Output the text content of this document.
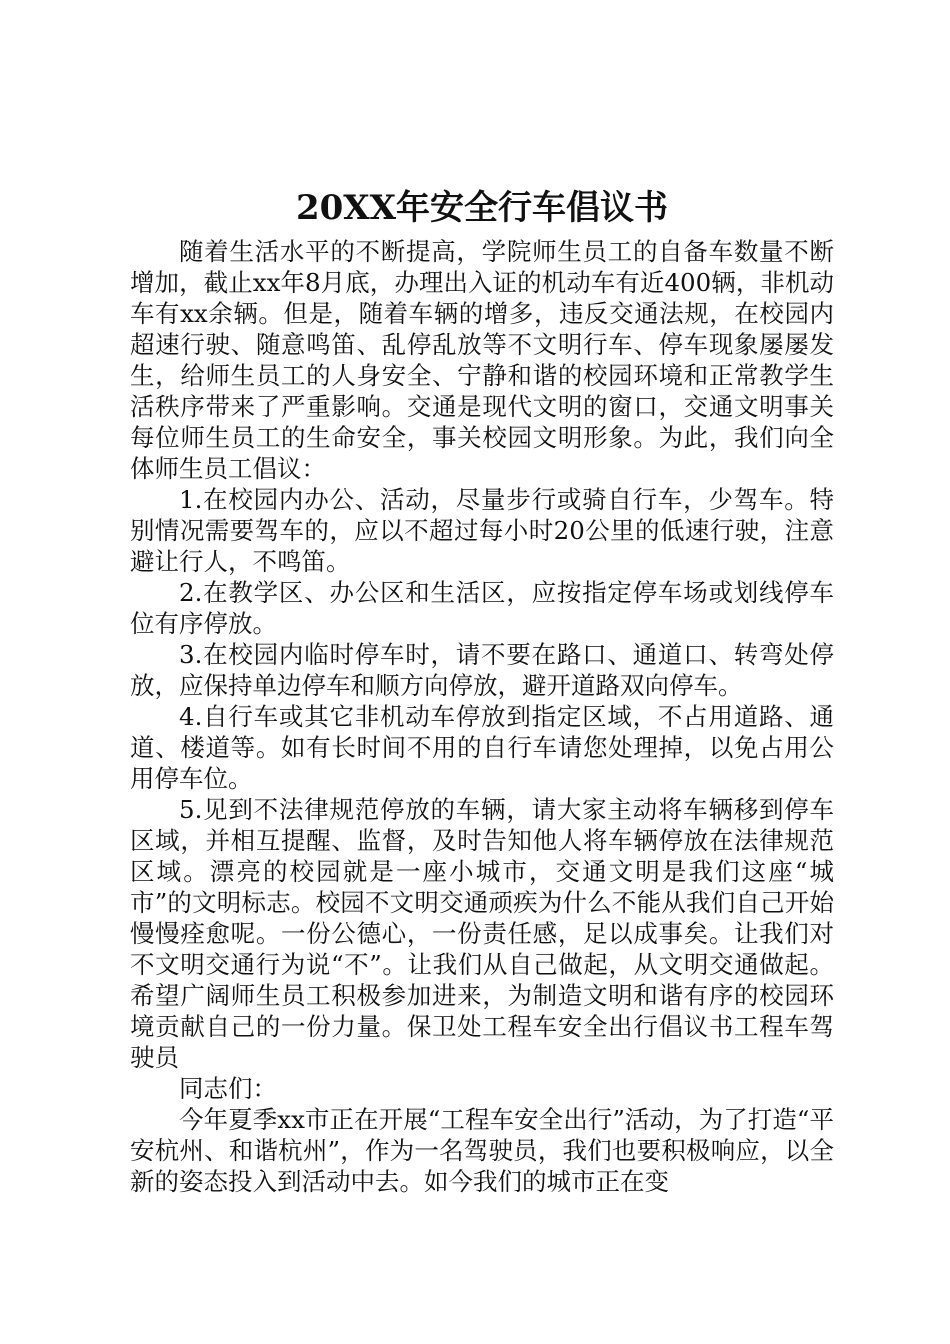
20XX年安全行车倡议书

随着生活水平的不断提高，学院师生员工的自备车数量不断增加，截止xx年8月底，办理出入证的机动车有近400辆，非机动车有xx余辆。但是，随着车辆的增多，违反交通法规，在校园内超速行驶、随意鸣笛、乱停乱放等不文明行车、停车现象屡屡发生，给师生员工的人身安全、宁静和谐的校园环境和正常教学生活秩序带来了严重影响。交通是现代文明的窗口，交通文明事关每位师生员工的生命安全，事关校园文明形象。为此，我们向全体师生员工倡议：

1.在校园内办公、活动，尽量步行或骑自行车，少驾车。特别情况需要驾车的，应以不超过每小时20公里的低速行驶，注意避让行人，不鸣笛。

2.在教学区、办公区和生活区，应按指定停车场或划线停车位有序停放。

3.在校园内临时停车时，请不要在路口、通道口、转弯处停放，应保持单边停车和顺方向停放，避开道路双向停车。

4.自行车或其它非机动车停放到指定区域，不占用道路、通道、楼道等。如有长时间不用的自行车请您处理掉，以免占用公用停车位。

5.见到不法律规范停放的车辆，请大家主动将车辆移到停车区域，并相互提醒、监督，及时告知他人将车辆停放在法律规范区域。漂亮的校园就是一座小城市，交通文明是我们这座“城市”的文明标志。校园不文明交通顽疾为什么不能从我们自己开始慢慢痊愈呢。一份公德心，一份责任感，足以成事矣。让我们对不文明交通行为说“不”。让我们从自己做起，从文明交通做起。希望广阔师生员工积极参加进来，为制造文明和谐有序的校园环境贡献自己的一份力量。保卫处工程车安全出行倡议书工程车驾驶员

同志们：

今年夏季xx市正在开展“工程车安全出行”活动，为了打造“平安杭州、和谐杭州”，作为一名驾驶员，我们也要积极响应，以全新的姿态投入到活动中去。如今我们的城市正在变
